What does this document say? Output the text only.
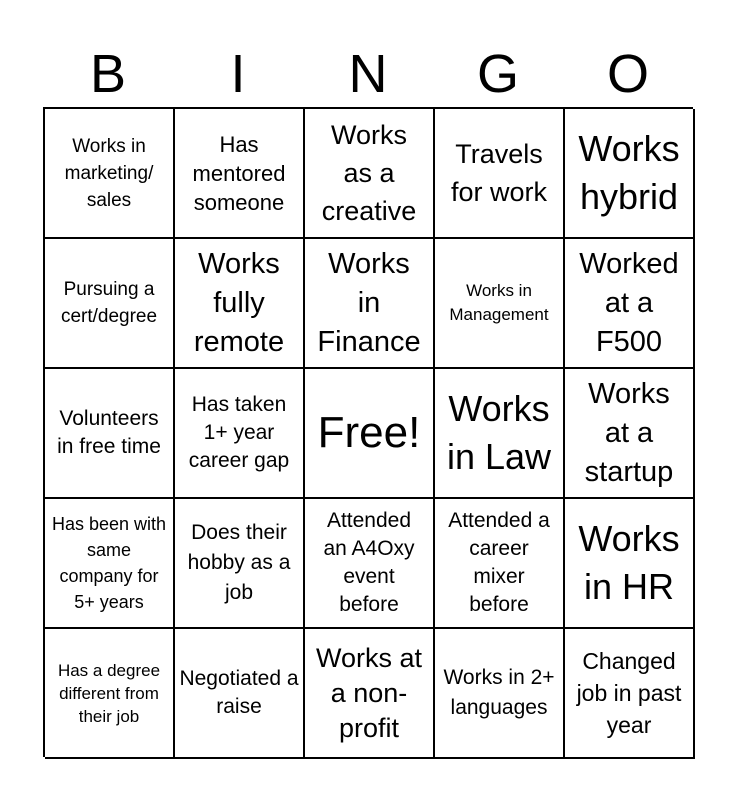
B	I	N	G	O
Works in marketing/ sales
Has mentored someone
Works as a creative
Travels for work
Works hybrid
Pursuing a cert/degree
Works fully remote
Works in Finance
Works in Management
Worked at a F500
Volunteers in free time
Has taken 1+ year career gap
Free! Works in Law
Works at a startup
Has been with same company for 5+ years
Does their hobby as a job
Attended an A4Oxy event before
Attended a career mixer before
Works in HR
Has a degree different from their job
Negotiated a raise
Works at a non-profit
Works in 2+ languages
Changed job in past year
